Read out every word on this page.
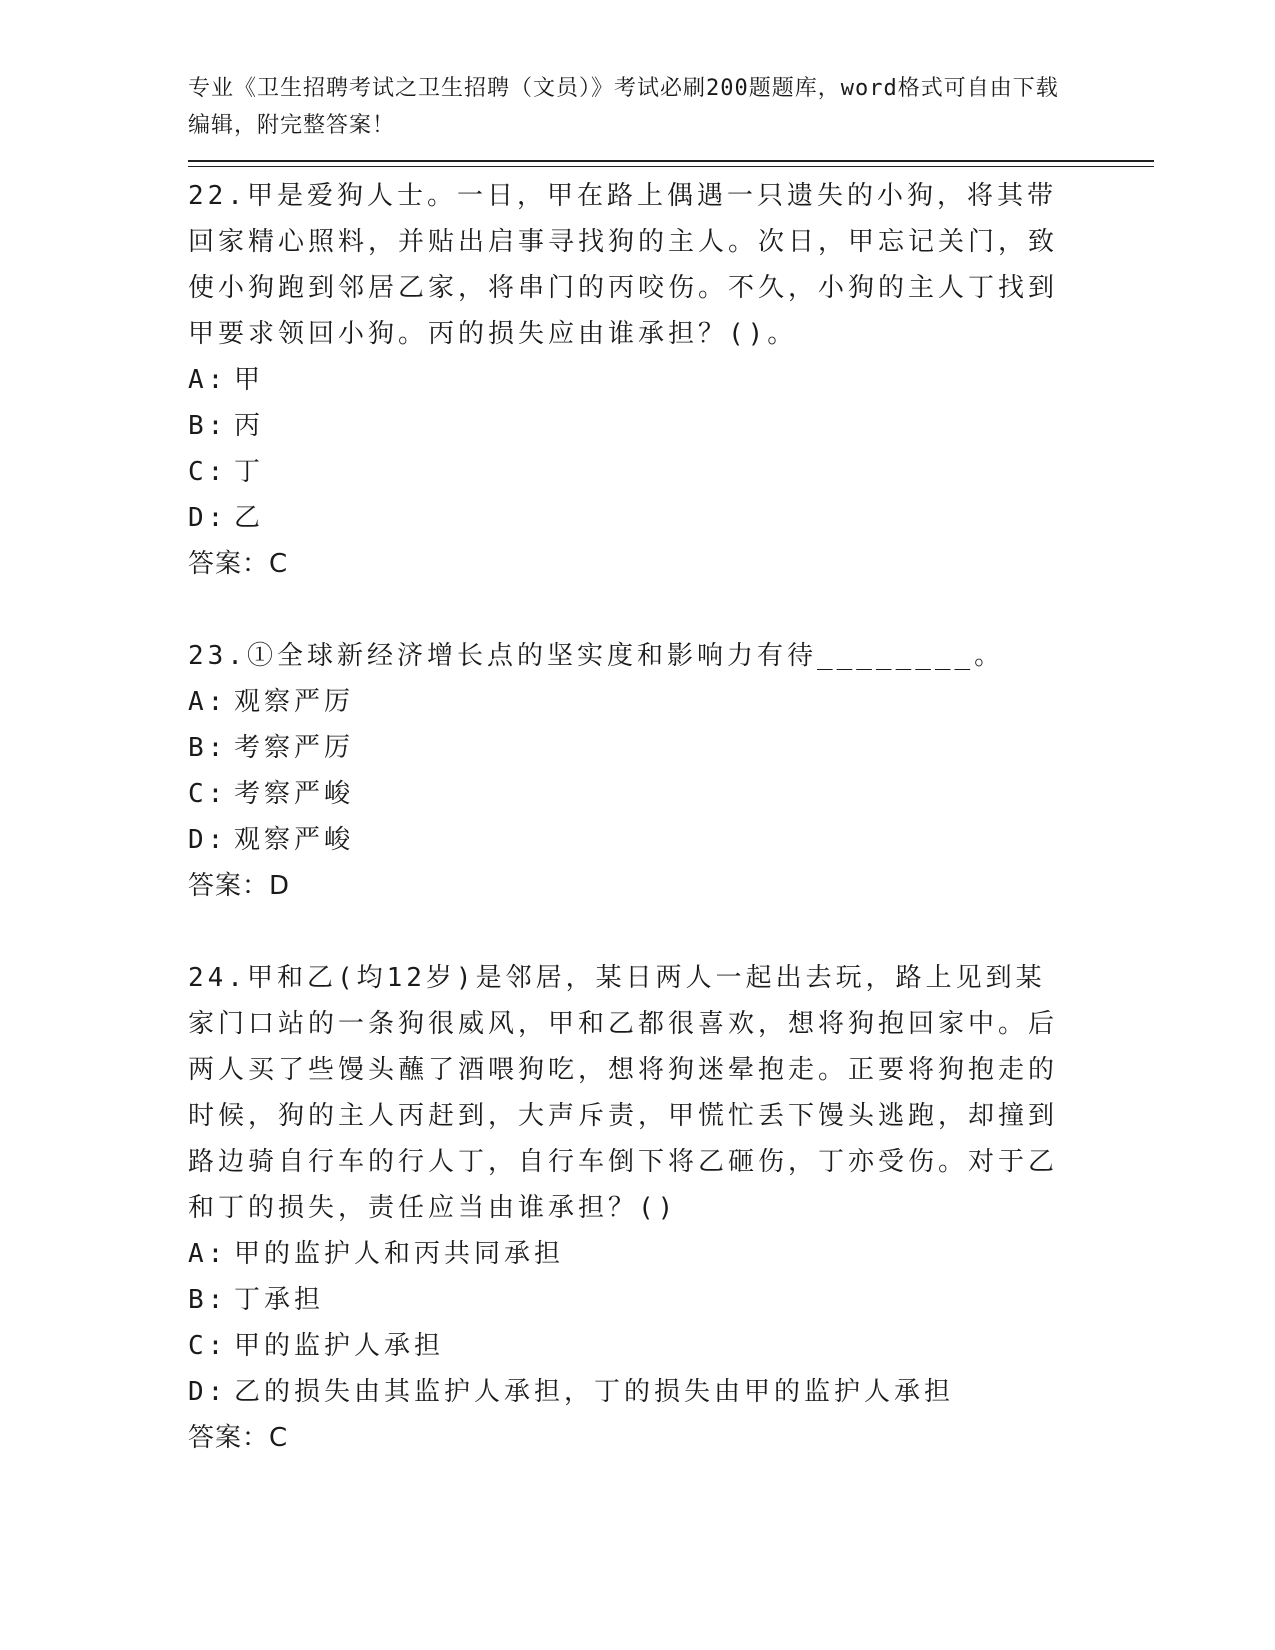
专业《卫生招聘考试之卫生招聘（文员）》考试必刷200题题库，word格式可自由下载编辑，附完整答案！

22.甲是爱狗人士。一日，甲在路上偶遇一只遗失的小狗，将其带回家精心照料，并贴出启事寻找狗的主人。次日，甲忘记关门，致使小狗跑到邻居乙家，将串门的丙咬伤。不久，小狗的主人丁找到甲要求领回小狗。丙的损失应由谁承担？()。

A: 甲

B: 丙

C: 丁

D: 乙

答案：C

23.①全球新经济增长点的坚实度和影响力有待________。

A: 观察严厉

B: 考察严厉

C: 考察严峻

D: 观察严峻

答案：D

24.甲和乙(均12岁)是邻居，某日两人一起出去玩，路上见到某家门口站的一条狗很威风，甲和乙都很喜欢，想将狗抱回家中。后两人买了些馒头蘸了酒喂狗吃，想将狗迷晕抱走。正要将狗抱走的时候，狗的主人丙赶到，大声斥责，甲慌忙丢下馒头逃跑，却撞到路边骑自行车的行人丁，自行车倒下将乙砸伤，丁亦受伤。对于乙和丁的损失，责任应当由谁承担？()

A: 甲的监护人和丙共同承担

B: 丁承担

C: 甲的监护人承担

D: 乙的损失由其监护人承担，丁的损失由甲的监护人承担

答案：C
